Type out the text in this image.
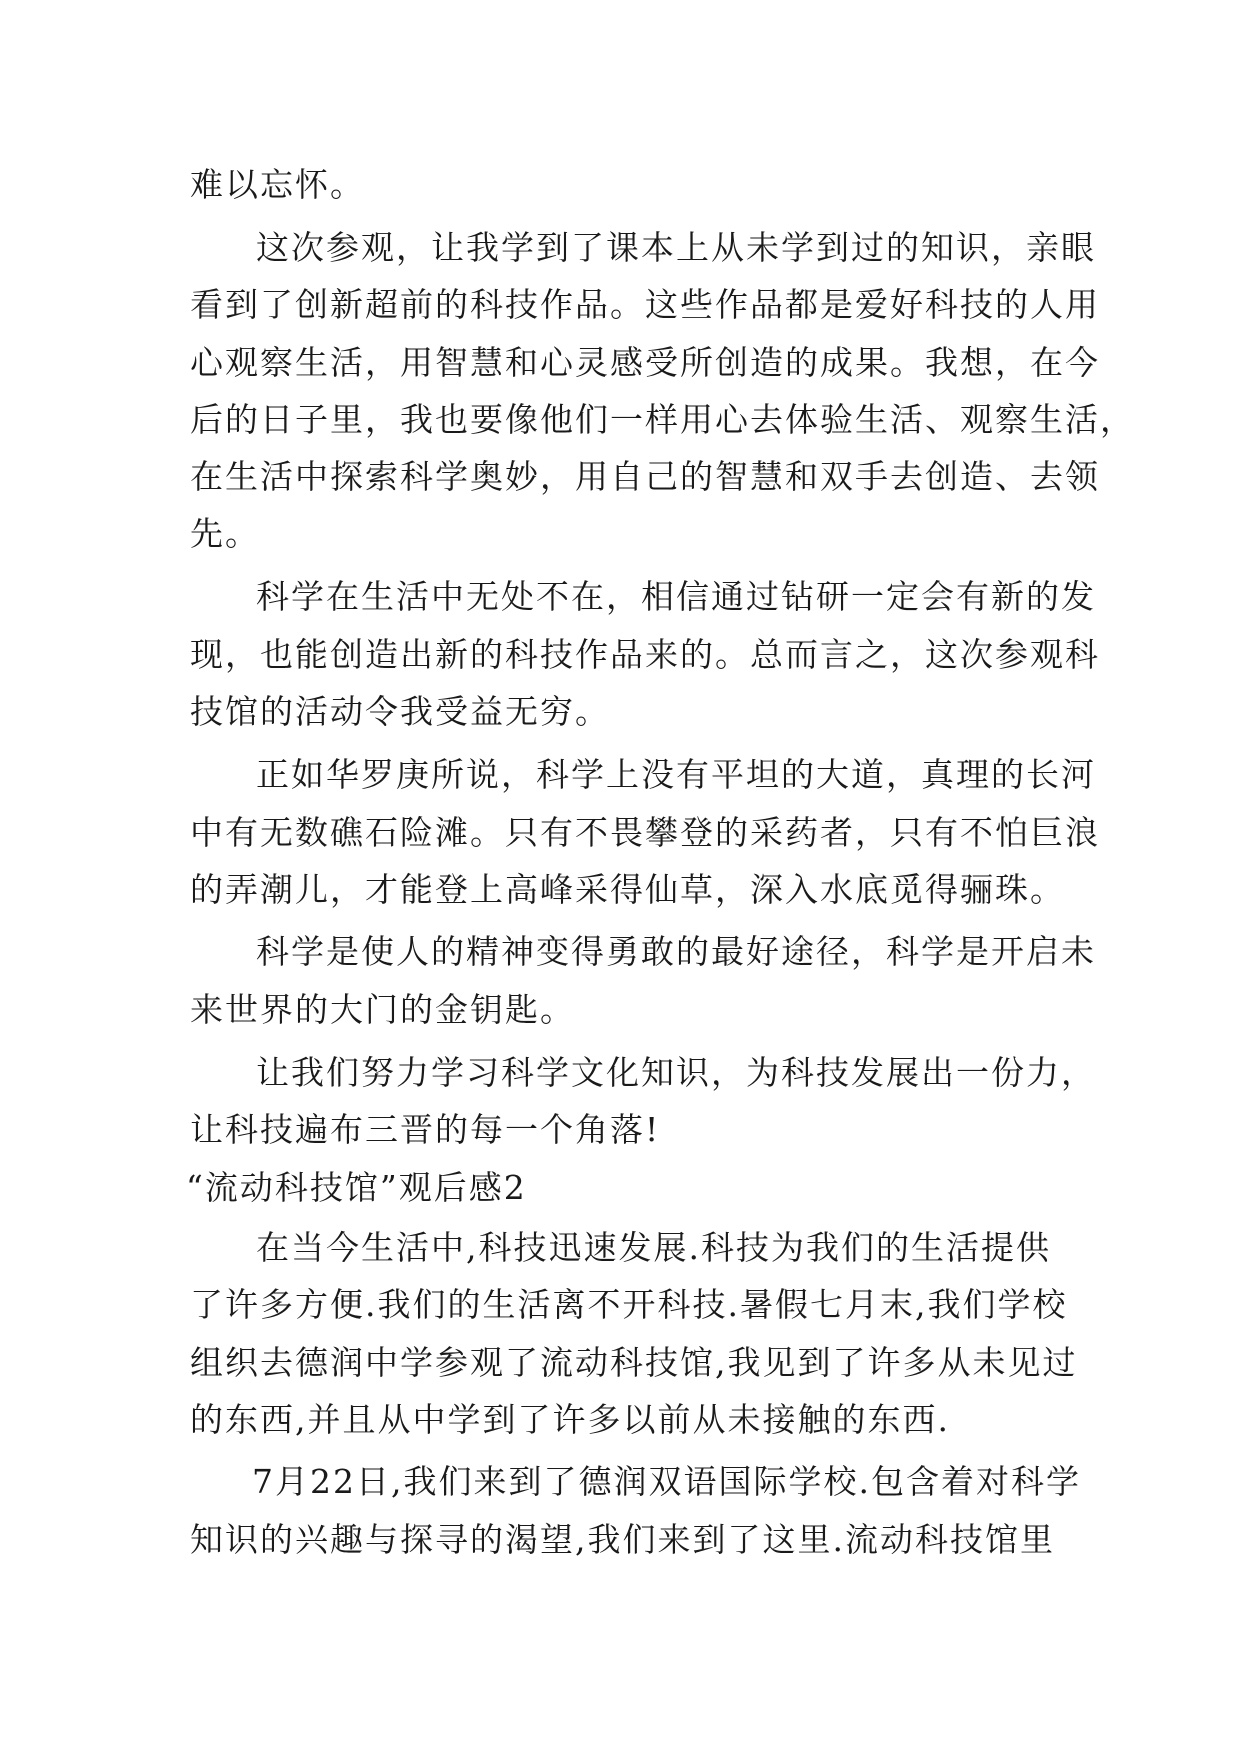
难以忘怀。
这次参观，让我学到了课本上从未学到过的知识，亲眼
看到了创新超前的科技作品。这些作品都是爱好科技的人用
心观察生活，用智慧和心灵感受所创造的成果。我想，在今
后的日子里，我也要像他们一样用心去体验生活、观察生活，
在生活中探索科学奥妙，用自己的智慧和双手去创造、去领
先。
科学在生活中无处不在，相信通过钻研一定会有新的发
现，也能创造出新的科技作品来的。总而言之，这次参观科
技馆的活动令我受益无穷。
正如华罗庚所说，科学上没有平坦的大道，真理的长河
中有无数礁石险滩。只有不畏攀登的采药者，只有不怕巨浪
的弄潮儿，才能登上高峰采得仙草，深入水底觅得骊珠。
科学是使人的精神变得勇敢的最好途径，科学是开启未
来世界的大门的金钥匙。
让我们努力学习科学文化知识，为科技发展出一份力，
让科技遍布三晋的每一个角落!
“流动科技馆”观后感2
在当今生活中,科技迅速发展.科技为我们的生活提供
了许多方便.我们的生活离不开科技.暑假七月末,我们学校
组织去德润中学参观了流动科技馆,我见到了许多从未见过
的东西,并且从中学到了许多以前从未接触的东西.
7月22日,我们来到了德润双语国际学校.包含着对科学
知识的兴趣与探寻的渴望,我们来到了这里.流动科技馆里
